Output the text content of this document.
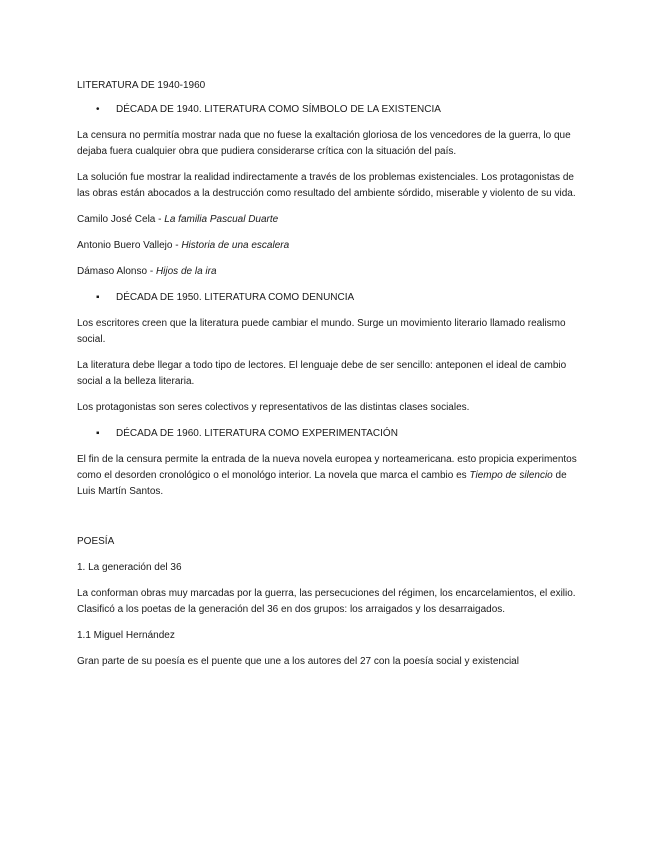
LITERATURA DE 1940-1960

• DÉCADA DE 1940. LITERATURA COMO SÍMBOLO DE LA EXISTENCIA

La censura no permitía mostrar nada que no fuese la exaltación gloriosa de los vencedores de la guerra, lo que dejaba fuera cualquier obra que pudiera considerarse crítica con la situación del país.

La solución fue mostrar la realidad indirectamente a través de los problemas existenciales. Los protagonistas de las obras están abocados a la destrucción como resultado del ambiente sórdido, miserable y violento de su vida.

Camilo José Cela - La familia Pascual Duarte

Antonio Buero Vallejo - Historia de una escalera

Dámaso Alonso - Hijos de la ira

▪ DÉCADA DE 1950. LITERATURA COMO DENUNCIA

Los escritores creen que la literatura puede cambiar el mundo. Surge un movimiento literario llamado realismo social.

La literatura debe llegar a todo tipo de lectores. El lenguaje debe de ser sencillo: anteponen el ideal de cambio social a la belleza literaria.

Los protagonistas son seres colectivos y representativos de las distintas clases sociales.

▪ DÉCADA DE 1960. LITERATURA COMO EXPERIMENTACIÓN

El fin de la censura permite la entrada de la nueva novela europea y norteamericana. esto propicia experimentos como el desorden cronológico o el monológo interior. La novela que marca el cambio es Tiempo de silencio de Luis Martín Santos.

POESÍA

1. La generación del 36

La conforman obras muy marcadas por la guerra, las persecuciones del régimen, los encarcelamientos, el exilio. Clasificó a los poetas de la generación del 36 en dos grupos: los arraigados y los desarraigados.

1.1 Miguel Hernández

Gran parte de su poesía es el puente que une a los autores del 27 con la poesía social y existencial
